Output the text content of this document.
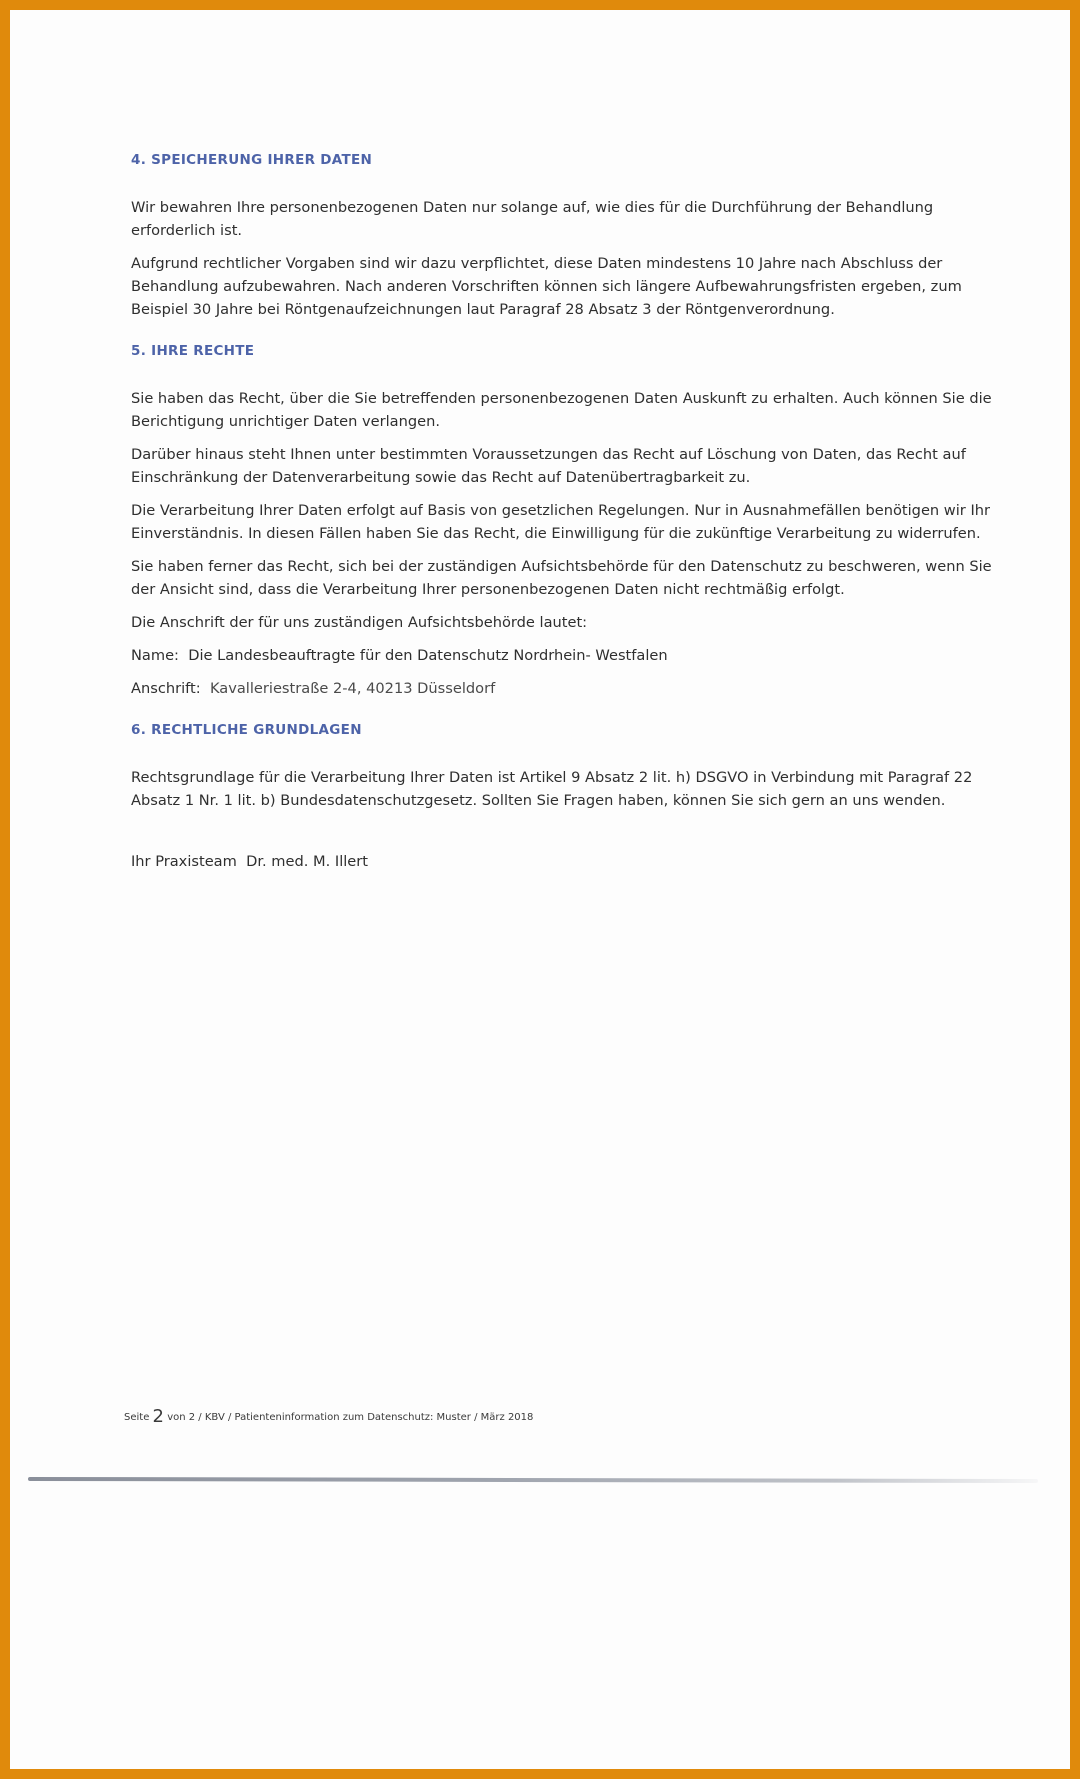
4. SPEICHERUNG IHRER DATEN

Wir bewahren Ihre personenbezogenen Daten nur solange auf, wie dies für die Durchführung der Behandlung erforderlich ist.

Aufgrund rechtlicher Vorgaben sind wir dazu verpflichtet, diese Daten mindestens 10 Jahre nach Abschluss der Behandlung aufzubewahren. Nach anderen Vorschriften können sich längere Aufbewahrungsfristen ergeben, zum Beispiel 30 Jahre bei Röntgenaufzeichnungen laut Paragraf 28 Absatz 3 der Röntgenverordnung.

5. IHRE RECHTE

Sie haben das Recht, über die Sie betreffenden personenbezogenen Daten Auskunft zu erhalten. Auch können Sie die Berichtigung unrichtiger Daten verlangen.

Darüber hinaus steht Ihnen unter bestimmten Voraussetzungen das Recht auf Löschung von Daten, das Recht auf Einschränkung der Datenverarbeitung sowie das Recht auf Datenübertragbarkeit zu.

Die Verarbeitung Ihrer Daten erfolgt auf Basis von gesetzlichen Regelungen. Nur in Ausnahmefällen benötigen wir Ihr Einverständnis. In diesen Fällen haben Sie das Recht, die Einwilligung für die zukünftige Verarbeitung zu widerrufen.

Sie haben ferner das Recht, sich bei der zuständigen Aufsichtsbehörde für den Datenschutz zu beschweren, wenn Sie der Ansicht sind, dass die Verarbeitung Ihrer personenbezogenen Daten nicht rechtmäßig erfolgt.

Die Anschrift der für uns zuständigen Aufsichtsbehörde lautet:

Name: Die Landesbeauftragte für den Datenschutz Nordrhein- Westfalen

Anschrift: Kavalleriestraße 2-4, 40213 Düsseldorf

6. RECHTLICHE GRUNDLAGEN

Rechtsgrundlage für die Verarbeitung Ihrer Daten ist Artikel 9 Absatz 2 lit. h) DSGVO in Verbindung mit Paragraf 22 Absatz 1 Nr. 1 lit. b) Bundesdatenschutzgesetz. Sollten Sie Fragen haben, können Sie sich gern an uns wenden.

Ihr Praxisteam  Dr. med. M. Illert

Seite 2 von 2 / KBV / Patienteninformation zum Datenschutz: Muster / März 2018
